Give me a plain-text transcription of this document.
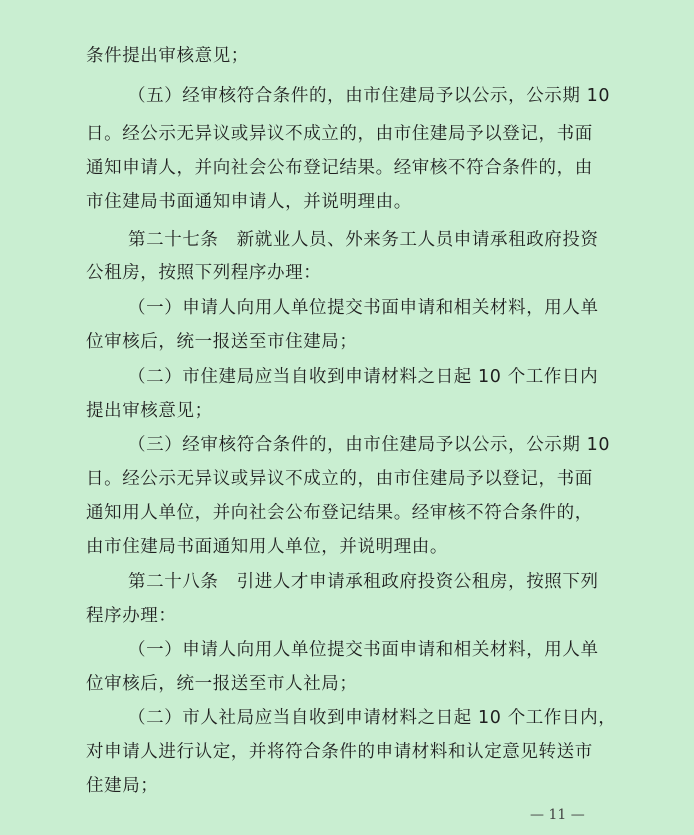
条件提出审核意见；
（五）经审核符合条件的，由市住建局予以公示，公示期 10
日。经公示无异议或异议不成立的，由市住建局予以登记，书面
通知申请人，并向社会公布登记结果。经审核不符合条件的，由
市住建局书面通知申请人，并说明理由。
第二十七条　新就业人员、外来务工人员申请承租政府投资
公租房，按照下列程序办理：
（一）申请人向用人单位提交书面申请和相关材料，用人单
位审核后，统一报送至市住建局；
（二）市住建局应当自收到申请材料之日起 10 个工作日内
提出审核意见；
（三）经审核符合条件的，由市住建局予以公示，公示期 10
日。经公示无异议或异议不成立的，由市住建局予以登记，书面
通知用人单位，并向社会公布登记结果。经审核不符合条件的，
由市住建局书面通知用人单位，并说明理由。
第二十八条　引进人才申请承租政府投资公租房，按照下列
程序办理：
（一）申请人向用人单位提交书面申请和相关材料，用人单
位审核后，统一报送至市人社局；
（二）市人社局应当自收到申请材料之日起 10 个工作日内，
对申请人进行认定，并将符合条件的申请材料和认定意见转送市
住建局；
— 11 —
